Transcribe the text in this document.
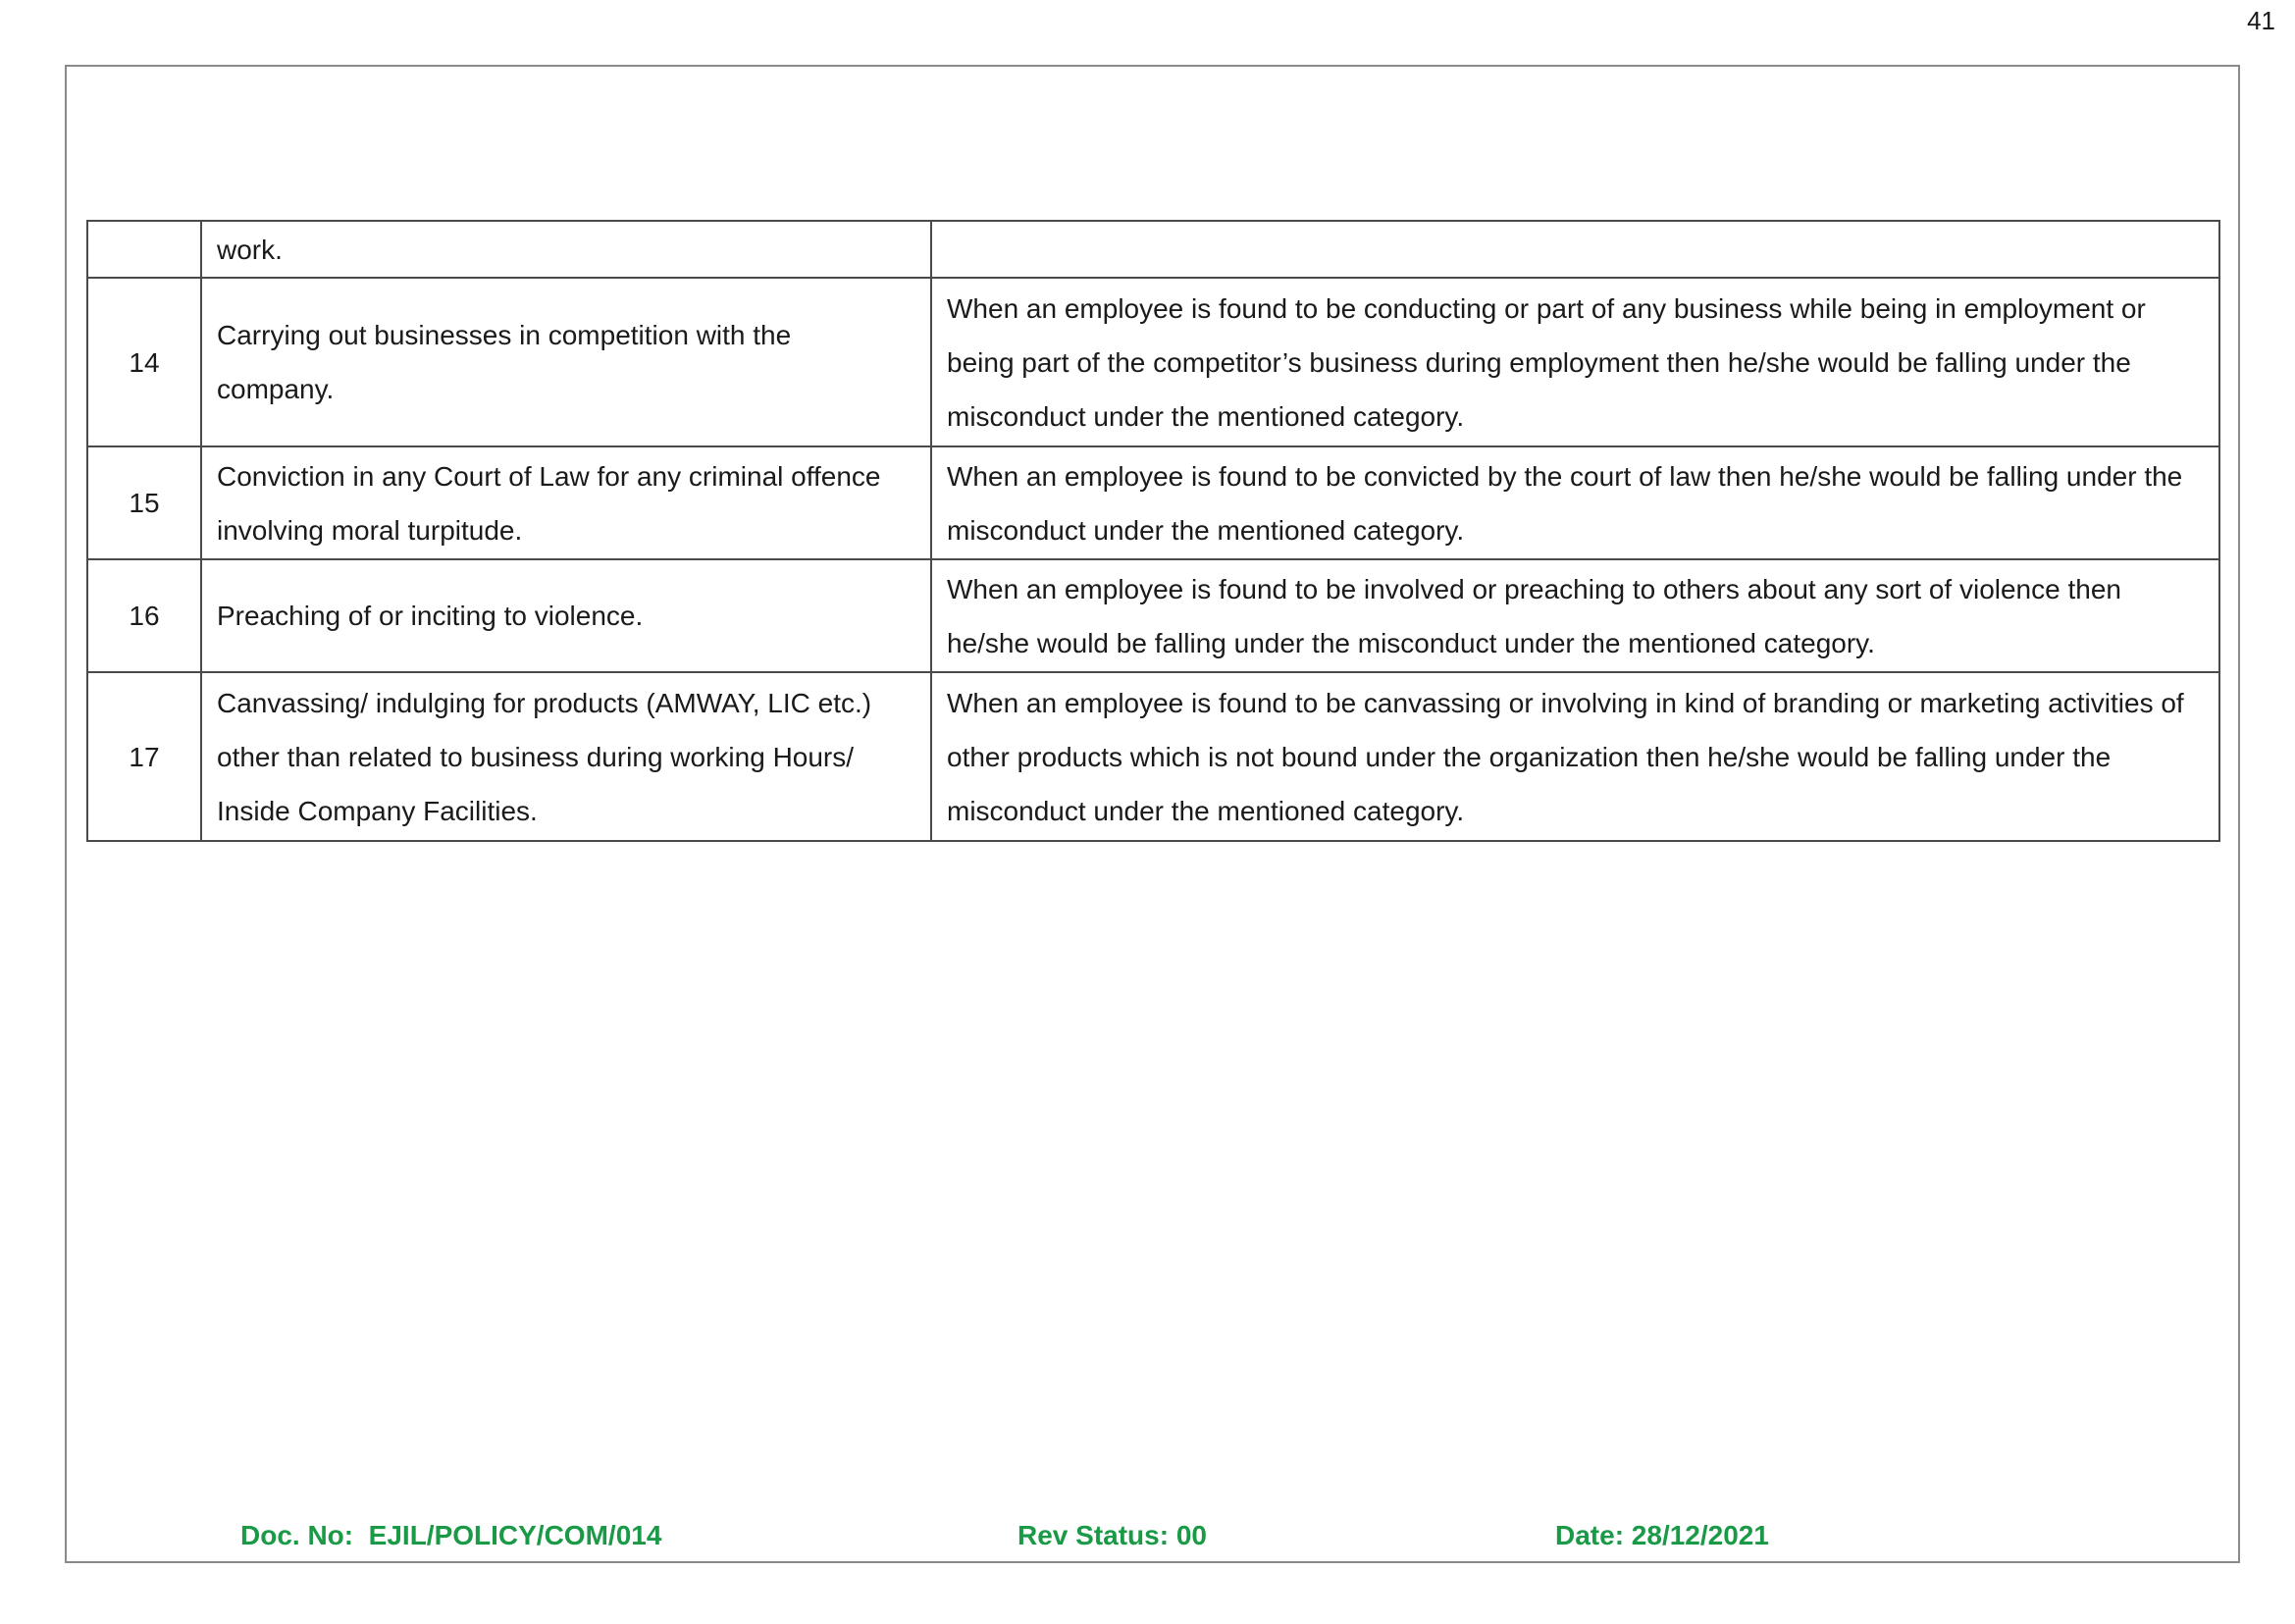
41
	work.	
14	Carrying out businesses in competition with the company.	When an employee is found to be conducting or part of any business while being in employment or being part of the competitor’s business during employment then he/she would be falling under the misconduct under the mentioned category.
15	Conviction in any Court of Law for any criminal offence involving moral turpitude.	When an employee is found to be convicted by the court of law then he/she would be falling under the misconduct under the mentioned category.
16	Preaching of or inciting to violence.	When an employee is found to be involved or preaching to others about any sort of violence then he/she would be falling under the misconduct under the mentioned category.
17	Canvassing/ indulging for products (AMWAY, LIC etc.) other than related to business during working Hours/ Inside Company Facilities.	When an employee is found to be canvassing or involving in kind of branding or marketing activities of other products which is not bound under the organization then he/she would be falling under the misconduct under the mentioned category.
Doc. No:  EJIL/POLICY/COM/014	Rev Status: 00	Date: 28/12/2021
